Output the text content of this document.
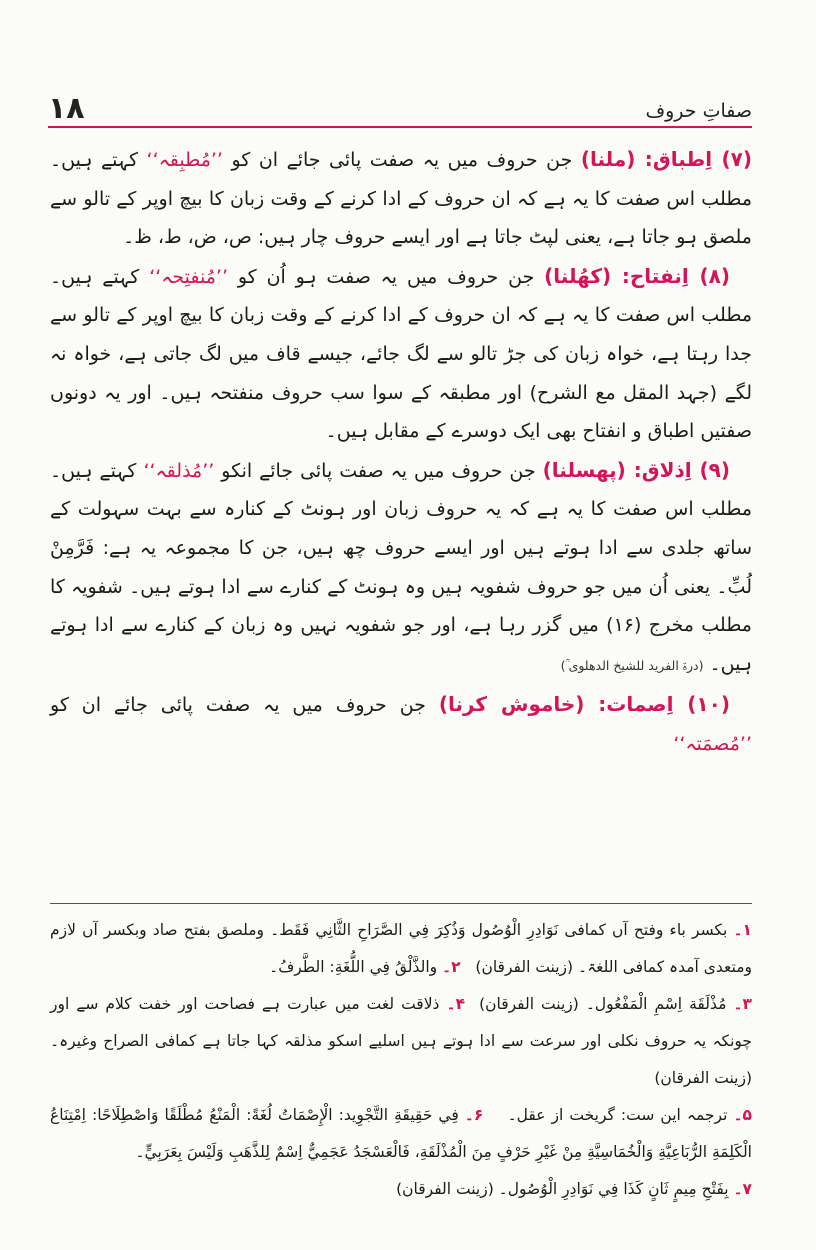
۱۸	صفاتِ حروف

(۷) اِطباق: (ملنا) جن حروف میں یہ صفت پائی جائے ان کو ’’مُطبِقہ‘‘ کہتے ہیں۔ مطلب اس صفت کا یہ ہے کہ ان حروف کے ادا کرنے کے وقت زبان کا بیچ اوپر کے تالو سے ملصق ہو جاتا ہے، یعنی لپٹ جاتا ہے اور ایسے حروف چار ہیں: ص، ض، ط، ظ۔

(۸) اِنفتاح: (کھُلنا) جن حروف میں یہ صفت ہو اُن کو ’’مُنفتِحہ‘‘ کہتے ہیں۔ مطلب اس صفت کا یہ ہے کہ ان حروف کے ادا کرنے کے وقت زبان کا بیچ اوپر کے تالو سے جدا رہتا ہے، خواہ زبان کی جڑ تالو سے لگ جائے، جیسے قاف میں لگ جاتی ہے، خواہ نہ لگے (جہد المقل مع الشرح) اور مطبقہ کے سوا سب حروف منفتحہ ہیں۔ اور یہ دونوں صفتیں اطباق و انفتاح بھی ایک دوسرے کے مقابل ہیں۔

(۹) اِذلاق: (پھسلنا) جن حروف میں یہ صفت پائی جائے انکو ’’مُذلقہ‘‘ کہتے ہیں۔ مطلب اس صفت کا یہ ہے کہ یہ حروف زبان اور ہونٹ کے کنارہ سے بہت سہولت کے ساتھ جلدی سے ادا ہوتے ہیں اور ایسے حروف چھ ہیں، جن کا مجموعہ یہ ہے: فَرَّمِنْ لُبِّ۔ یعنی اُن میں جو حروف شفویہ ہیں وہ ہونٹ کے کنارے سے ادا ہوتے ہیں۔ شفویہ کا مطلب مخرج (۱۶) میں گزر رہا ہے، اور جو شفویہ نہیں وہ زبان کے کنارے سے ادا ہوتے ہیں۔ (درۃ الفرید للشیخ الدھلوی ؒ)

(۱۰) اِصمات: (خاموش کرنا) جن حروف میں یہ صفت پائی جائے ان کو ’’مُصمَتہ‘‘

۱۔ بکسر باء وفتح آں کمافی نَوَادِرِ الْوُصُول وَذُكِرَ فِي الصَّرَاحِ الثَّانِي فَقَط۔ وملصق بفتح صاد وبکسر آں لازم ومتعدی آمدہ کمافی اللغۃ۔ (زینت الفرقان)   ۲۔ والذَّلْقُ فِي اللُّغَةِ: الطَّرفُ۔

۳۔ مُذْلَقَة اِسْمِ الْمَفْعُول۔ (زینت الفرقان)  ۴۔ ذلاقت لغت میں عبارت ہے فصاحت اور خفت کلام سے اور چونکہ یہ حروف نکلی اور سرعت سے ادا ہوتے ہیں اسلیے اسکو مذلقہ کہا جاتا ہے کمافی الصراح وغیرہ۔ (زینت الفرقان)

۵۔ ترجمہ این ست: گریخت از عقل۔    ۶۔ فِي حَقِيقَةِ التَّجْوِيد: الْإِصْمَاتُ لُغَةً: الْمَنْعُ مُطْلَقًا وَاصْطِلَاحًا: اِمْتِنَاعُ الْكَلِمَةِ الرُّبَاعِيَّةِ وَالْخُمَاسِيَّةِ مِنْ غَيْرِ حَرْفٍ مِنَ الْمُذْلَقَةِ، فَالْعَسْجَدُ عَجَمِيٌّ اِسْمٌ لِلذَّهَبِ وَلَيْسَ بِعَرَبِيٍّ۔

۷۔ بِفَتْحِ مِيمٍ ثَانٍ كَذَا فِي نَوَادِرِ الْوُصُول۔ (زینت الفرقان)
